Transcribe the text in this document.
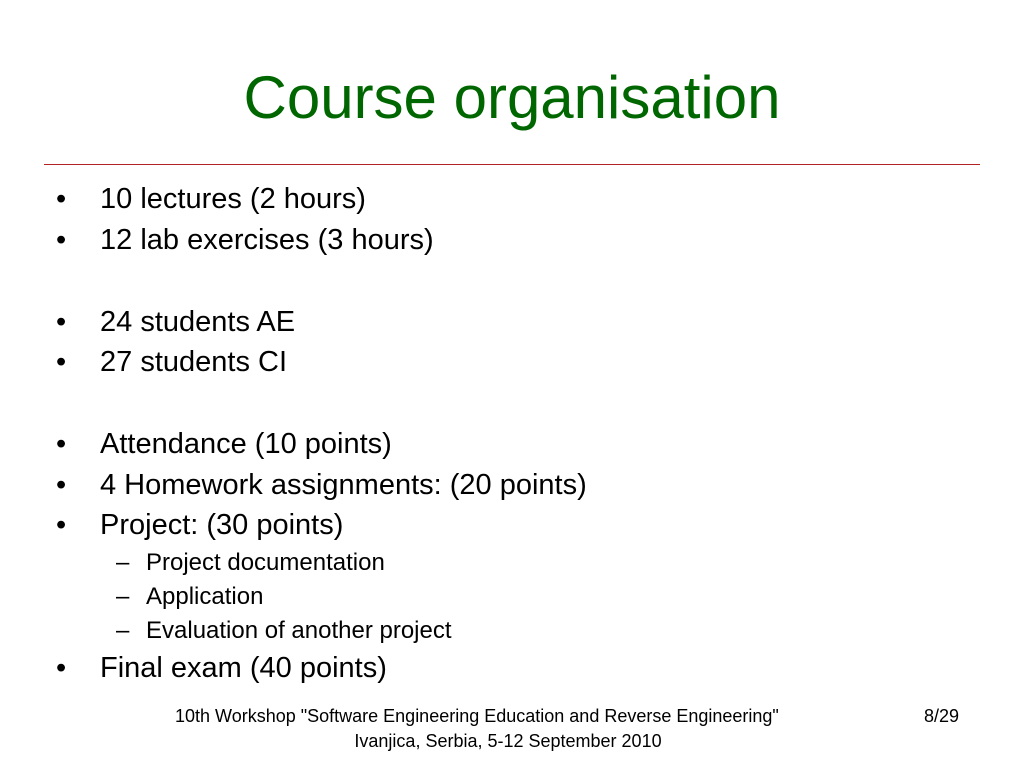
Course organisation
•	10 lectures (2 hours)
•	12 lab exercises (3 hours)
•	24 students AE
•	27 students CI
•	Attendance (10 points)
•	4 Homework assignments: (20 points)
•	Project: (30 points)
– Project documentation
– Application
– Evaluation of another project
•	Final exam (40 points)
10th Workshop "Software Engineering Education and Reverse Engineering"	8/29
Ivanjica, Serbia, 5-12 September 2010
